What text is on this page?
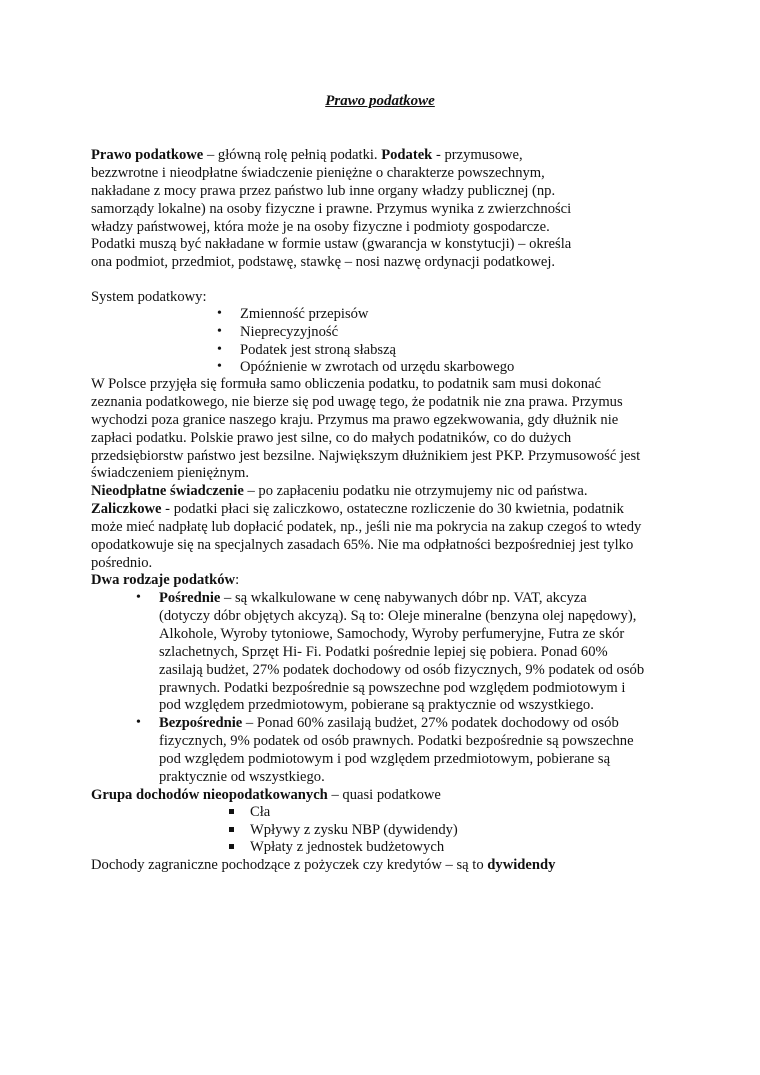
Prawo podatkowe
Prawo podatkowe – główną rolę pełnią podatki. Podatek - przymusowe,
bezzwrotne i nieodpłatne świadczenie pieniężne o charakterze powszechnym,
nakładane z mocy prawa przez państwo lub inne organy władzy publicznej (np.
samorządy lokalne) na osoby fizyczne i prawne. Przymus wynika z zwierzchności
władzy państwowej, która może je na osoby fizyczne i podmioty gospodarcze.
Podatki muszą być nakładane w formie ustaw (gwarancja w konstytucji) – określa
ona podmiot, przedmiot, podstawę, stawkę – nosi nazwę ordynacji podatkowej.
System podatkowy:
• Zmienność przepisów
• Nieprecyzyjność
• Podatek jest stroną słabszą
• Opóźnienie w zwrotach od urzędu skarbowego
W Polsce przyjęła się formuła samo obliczenia podatku, to podatnik sam musi dokonać
zeznania podatkowego, nie bierze się pod uwagę tego, że podatnik nie zna prawa. Przymus
wychodzi poza granice naszego kraju. Przymus ma prawo egzekwowania, gdy dłużnik nie
zapłaci podatku. Polskie prawo jest silne, co do małych podatników, co do dużych
przedsiębiorstw państwo jest bezsilne. Największym dłużnikiem jest PKP. Przymusowość jest
świadczeniem pieniężnym.
Nieodpłatne świadczenie – po zapłaceniu podatku nie otrzymujemy nic od państwa.
Zaliczkowe - podatki płaci się zaliczkowo, ostateczne rozliczenie do 30 kwietnia, podatnik
może mieć nadpłatę lub dopłacić podatek, np., jeśli nie ma pokrycia na zakup czegoś to wtedy
opodatkowuje się na specjalnych zasadach 65%. Nie ma odpłatności bezpośredniej jest tylko
pośrednio.
Dwa rodzaje podatków:
• Pośrednie – są wkalkulowane w cenę nabywanych dóbr np. VAT, akcyza
(dotyczy dóbr objętych akcyzą). Są to: Oleje mineralne (benzyna olej napędowy),
Alkohole, Wyroby tytoniowe, Samochody, Wyroby perfumeryjne, Futra ze skór
szlachetnych, Sprzęt Hi- Fi. Podatki pośrednie lepiej się pobiera. Ponad 60%
zasilają budżet, 27% podatek dochodowy od osób fizycznych, 9% podatek od osób
prawnych. Podatki bezpośrednie są powszechne pod względem podmiotowym i
pod względem przedmiotowym, pobierane są praktycznie od wszystkiego.
• Bezpośrednie – Ponad 60% zasilają budżet, 27% podatek dochodowy od osób
fizycznych, 9% podatek od osób prawnych. Podatki bezpośrednie są powszechne
pod względem podmiotowym i pod względem przedmiotowym, pobierane są
praktycznie od wszystkiego.
Grupa dochodów nieopodatkowanych – quasi podatkowe
Cła
Wpływy z zysku NBP (dywidendy)
Wpłaty z jednostek budżetowych
Dochody zagraniczne pochodzące z pożyczek czy kredytów – są to dywidendy
